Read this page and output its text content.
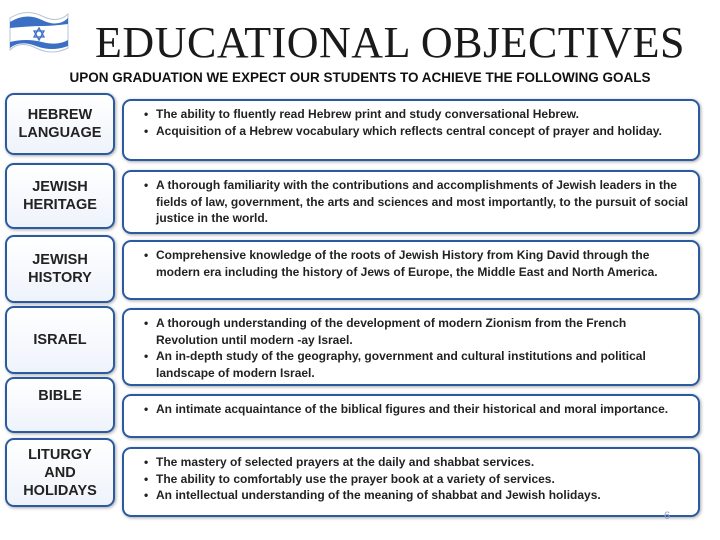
EDUCATIONAL OBJECTIVES
UPON GRADUATION WE EXPECT OUR STUDENTS TO ACHIEVE THE FOLLOWING GOALS
HEBREW
LANGUAGE
• The ability to fluently read Hebrew print and study conversational Hebrew.
• Acquisition of a Hebrew vocabulary which reflects central concept of prayer and holiday.
JEWISH
HERITAGE
• A thorough familiarity with the contributions and accomplishments of Jewish leaders in the fields of law, government, the arts and sciences and most importantly, to the pursuit of social justice in the world.
JEWISH
HISTORY
• Comprehensive knowledge of the roots of Jewish History from King David through the modern era including the history of Jews of Europe, the Middle East and North America.
ISRAEL
• A thorough understanding of the development of modern Zionism from the French Revolution until modern -ay Israel.
• An in-depth study of the geography, government and cultural institutions and political landscape of modern Israel.
BIBLE
• An intimate acquaintance of the biblical figures and their historical and moral importance.
LITURGY
AND
HOLIDAYS
• The mastery of selected prayers at the daily and shabbat services.
• The ability to comfortably use the prayer book at a variety of services.
• An intellectual understanding of the meaning of shabbat and Jewish holidays.
6
